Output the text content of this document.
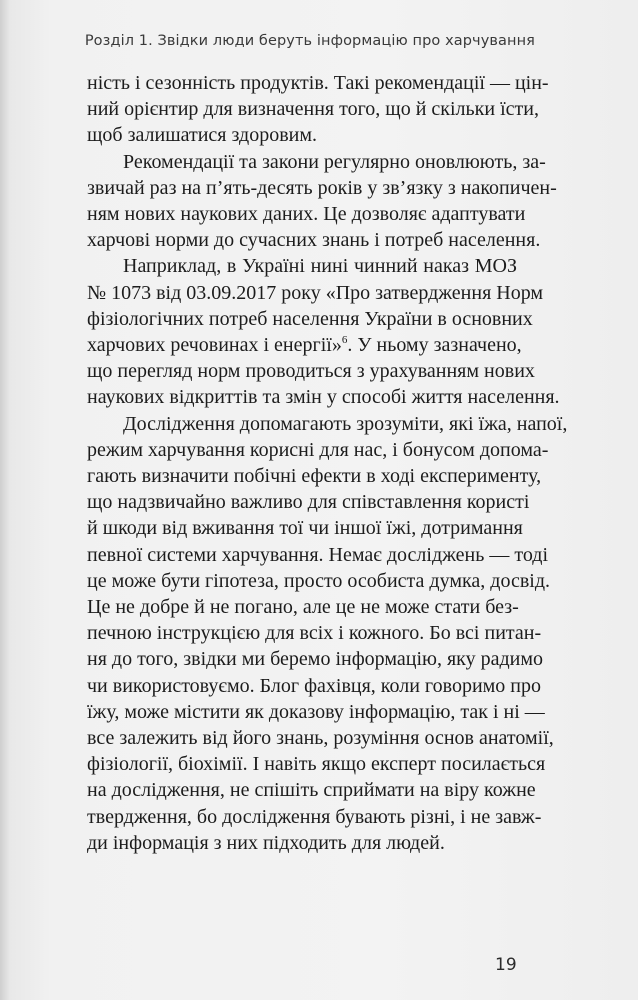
Розділ 1. Звідки люди беруть інформацію про харчування
ність і сезонність продуктів. Такі рекомендації — цін-
ний орієнтир для визначення того, що й скільки їсти,
щоб залишатися здоровим.
Рекомендації та закони регулярно оновлюють, за-
звичай раз на п’ять-десять років у зв’язку з накопичен-
ням нових наукових даних. Це дозволяє адаптувати
харчові норми до сучасних знань і потреб населення.
Наприклад, в Україні нині чинний наказ МОЗ
№ 1073 від 03.09.2017 року «Про затвердження Норм
фізіологічних потреб населення України в основних
харчових речовинах і енергії»$^6$. У ньому зазначено,
що перегляд норм проводиться з урахуванням нових
наукових відкриттів та змін у способі життя населення.
Дослідження допомагають зрозуміти, які їжа, напої,
режим харчування корисні для нас, і бонусом допома-
гають визначити побічні ефекти в ході експерименту,
що надзвичайно важливо для співставлення користі
й шкоди від вживання тої чи іншої їжі, дотримання
певної системи харчування. Немає досліджень — тоді
це може бути гіпотеза, просто особиста думка, досвід.
Це не добре й не погано, але це не може стати без-
печною інструкцією для всіх і кожного. Бо всі питан-
ня до того, звідки ми беремо інформацію, яку радимо
чи використовуємо. Блог фахівця, коли говоримо про
їжу, може містити як доказову інформацію, так і ні —
все залежить від його знань, розуміння основ анатомії,
фізіології, біохімії. І навіть якщо експерт посилається
на дослідження, не спішіть сприймати на віру кожне
твердження, бо дослідження бувають різні, і не завж-
ди інформація з них підходить для людей.
19
